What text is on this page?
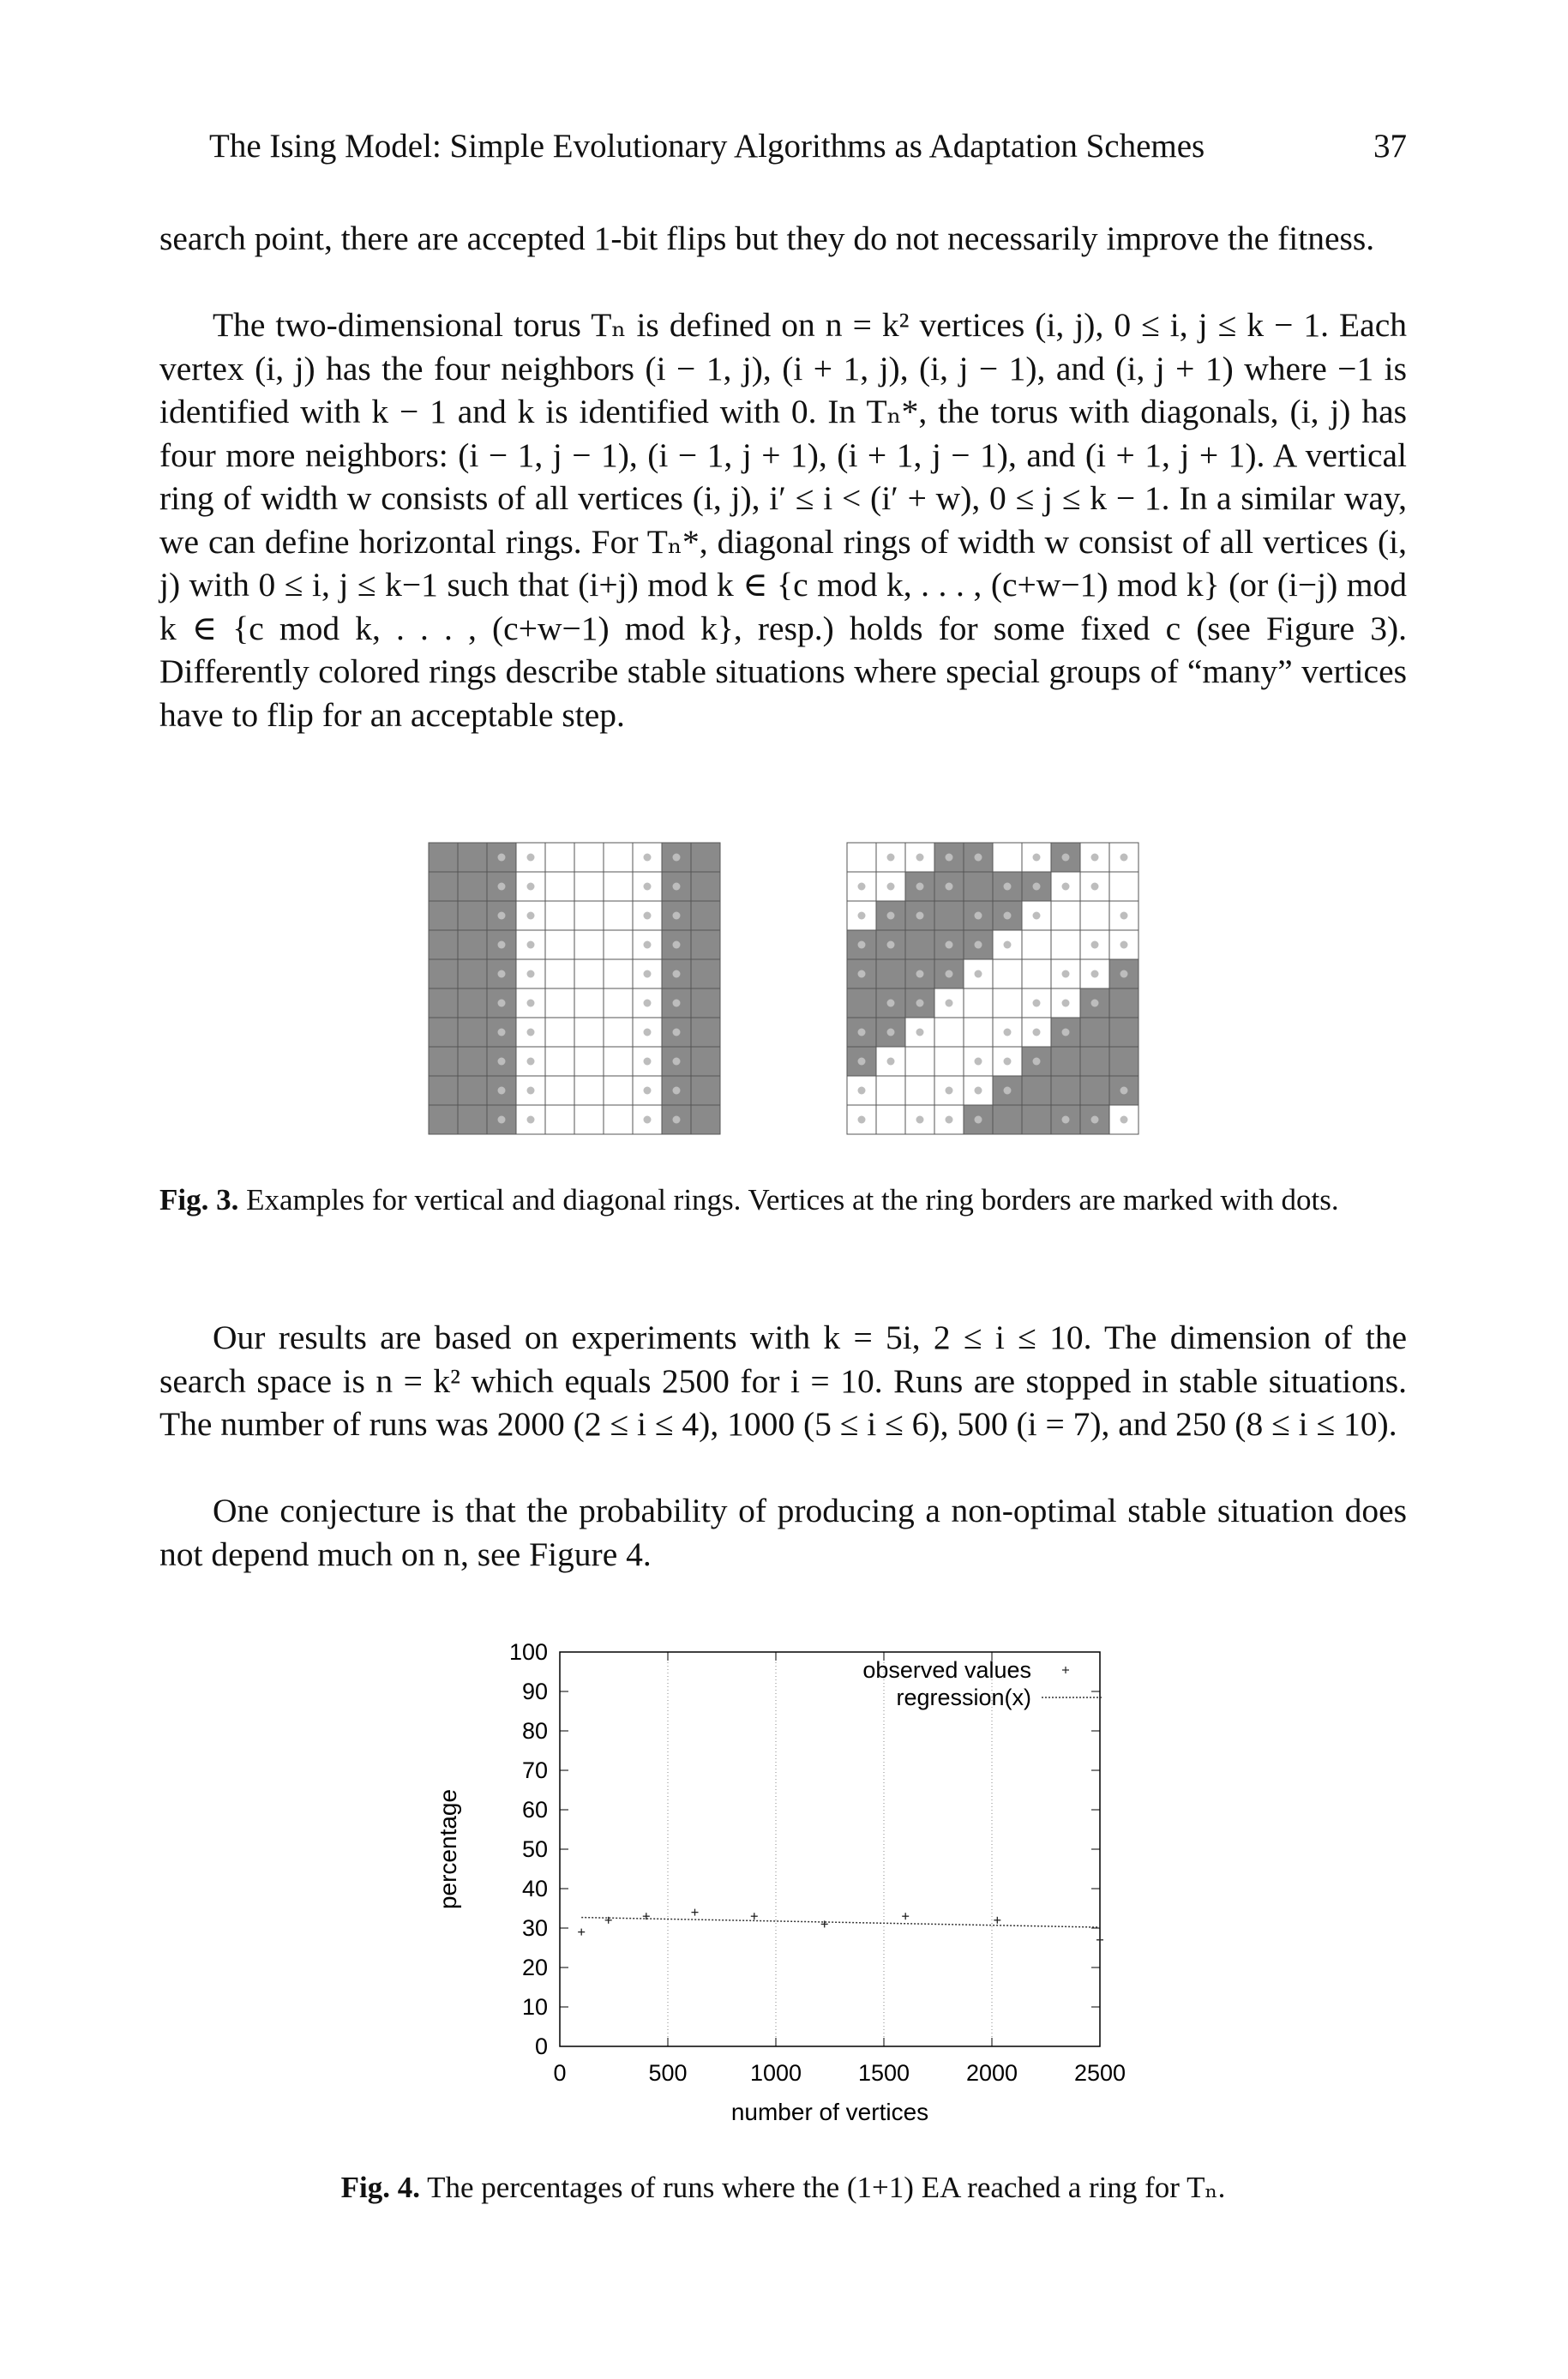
The Ising Model: Simple Evolutionary Algorithms as Adaptation Schemes	37

search point, there are accepted 1-bit flips but they do not necessarily improve the fitness.

The two-dimensional torus Tₙ is defined on n = k² vertices (i, j), 0 ≤ i, j ≤ k − 1. Each vertex (i, j) has the four neighbors (i − 1, j), (i + 1, j), (i, j − 1), and (i, j + 1) where −1 is identified with k − 1 and k is identified with 0. In Tₙ*, the torus with diagonals, (i, j) has four more neighbors: (i − 1, j − 1), (i − 1, j + 1), (i + 1, j − 1), and (i + 1, j + 1). A vertical ring of width w consists of all vertices (i, j), i′ ≤ i < (i′ + w), 0 ≤ j ≤ k − 1. In a similar way, we can define horizontal rings. For Tₙ*, diagonal rings of width w consist of all vertices (i, j) with 0 ≤ i, j ≤ k−1 such that (i+j) mod k ∈ {c mod k, . . . , (c+w−1) mod k} (or (i−j) mod k ∈ {c mod k, . . . , (c+w−1) mod k}, resp.) holds for some fixed c (see Figure 3). Differently colored rings describe stable situations where special groups of “many” vertices have to flip for an acceptable step.

Fig. 3. Examples for vertical and diagonal rings. Vertices at the ring borders are marked with dots.

Our results are based on experiments with k = 5i, 2 ≤ i ≤ 10. The dimension of the search space is n = k² which equals 2500 for i = 10. Runs are stopped in stable situations. The number of runs was 2000 (2 ≤ i ≤ 4), 1000 (5 ≤ i ≤ 6), 500 (i = 7), and 250 (8 ≤ i ≤ 10).

One conjecture is that the probability of producing a non-optimal stable situation does not depend much on n, see Figure 4.

0
10
20
30
40
50
60
70
80
90
100
0	500	1000 1500 2000 2500
number of vertices
percentage
observed values
regression(x)
Fig. 4. The percentages of runs where the (1+1) EA reached a ring for Tₙ.
